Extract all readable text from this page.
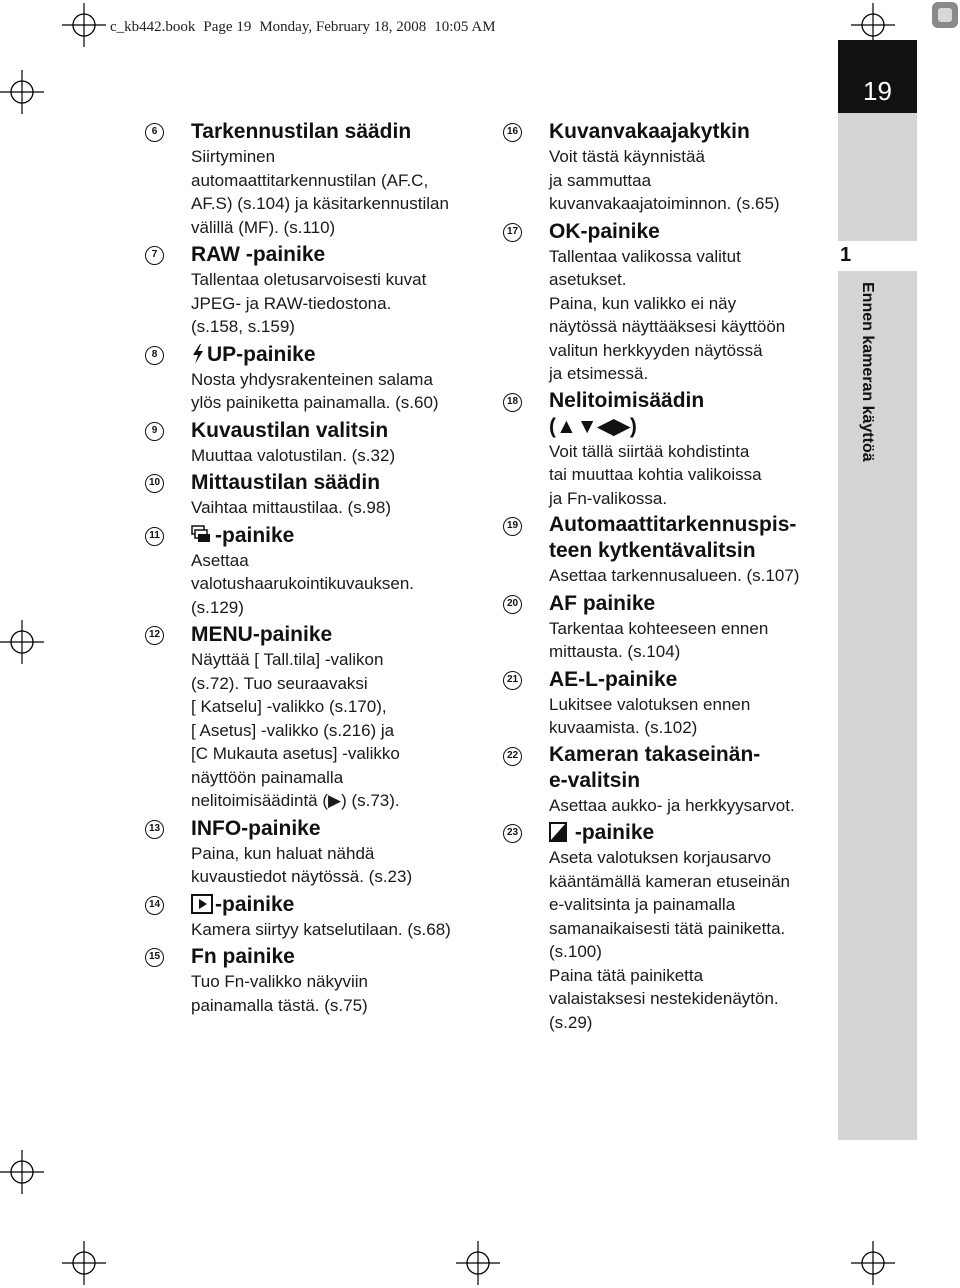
c_kb442.book Page 19 Monday, February 18, 2008 10:05 AM
19
1
Ennen kameran käyttöä
6	Tarkennustilan säädin
Siirtyminen
automaattitarkennustilan (AF.C,
AF.S) (s.104) ja käsitarkennustilan
välillä (MF). (s.110)
7	RAW -painike
Tallentaa oletusarvoisesti kuvat
JPEG- ja RAW-tiedostona.
(s.158, s.159)
8	UP-painike
Nosta yhdysrakenteinen salama
ylös painiketta painamalla. (s.60)
9	Kuvaustilan valitsin
Muuttaa valotustilan. (s.32)
10 Mittaustilan säädin
Vaihtaa mittaustilaa. (s.98)
11	-painike
Asettaa
valotushaarukointikuvauksen.
(s.129)
12 MENU-painike
Näyttää [ Tall.tila] -valikon
(s.72). Tuo seuraavaksi
[ Katselu] -valikko (s.170),
[ Asetus] -valikko (s.216) ja
[C Mukauta asetus] -valikko
näyttöön painamalla
nelitoimisäädintä (▶) (s.73).
13 INFO-painike
Paina, kun haluat nähdä
kuvaustiedot näytössä. (s.23)
14	-painike
Kamera siirtyy katselutilaan. (s.68)
15 Fn painike
Tuo Fn-valikko näkyviin
painamalla tästä. (s.75)
16 Kuvanvakaajakytkin
Voit tästä käynnistää
ja sammuttaa
kuvanvakaajatoiminnon. (s.65)
17 OK-painike
Tallentaa valikossa valitut
asetukset.
Paina, kun valikko ei näy
näytössä näyttääksesi käyttöön
valitun herkkyyden näytössä
ja etsimessä.
18 Nelitoimisäädin
(▲▼◀▶)
Voit tällä siirtää kohdistinta
tai muuttaa kohtia valikoissa
ja Fn-valikossa.
19 Automaattitarkennuspis-
teen kytkentävalitsin
Asettaa tarkennusalueen. (s.107)
20 AF painike
Tarkentaa kohteeseen ennen
mittausta. (s.104)
21 AE-L-painike
Lukitsee valotuksen ennen
kuvaamista. (s.102)
22 Kameran takaseinän-
e-valitsin
Asettaa aukko- ja herkkyysarvot.
23	-painike
Aseta valotuksen korjausarvo
kääntämällä kameran etuseinän
e-valitsinta ja painamalla
samanaikaisesti tätä painiketta.
(s.100)
Paina tätä painiketta
valaistaksesi nestekidenäytön.
(s.29)
